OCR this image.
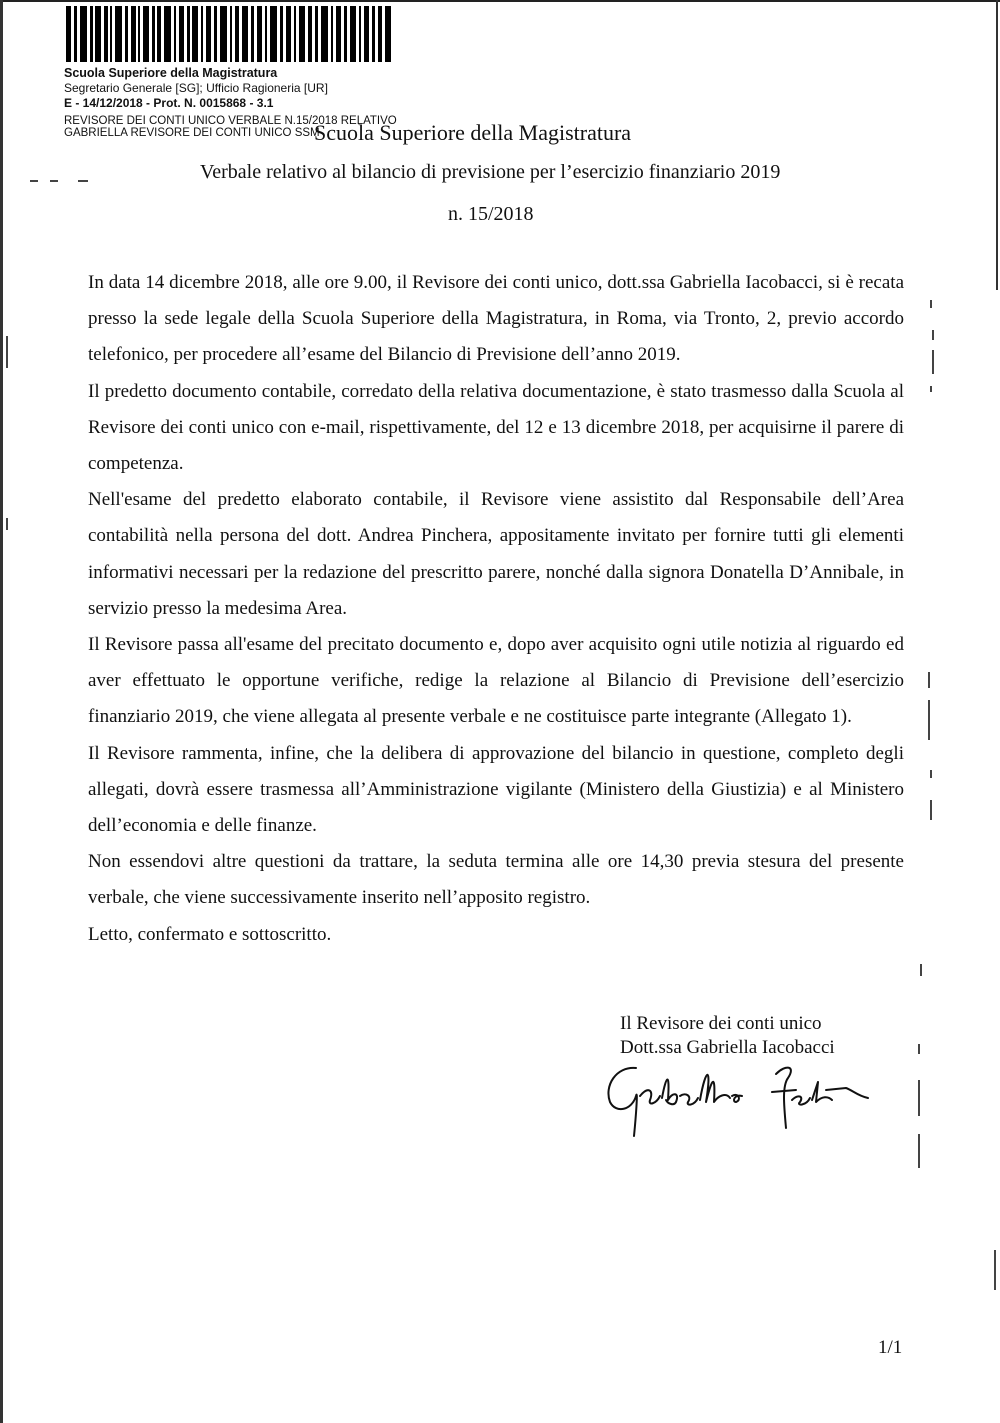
Scuola Superiore della Magistratura
Segretario Generale [SG]; Ufficio Ragioneria [UR]
E - 14/12/2018 - Prot. N. 0015868 - 3.1
REVISORE DEI CONTI UNICO VERBALE N.15/2018 RELATIVO
GABRIELLA REVISORE DEI CONTI UNICO SSM
Scuola Superiore della Magistratura
Verbale relativo al bilancio di previsione per l’esercizio finanziario 2019
n. 15/2018

In data 14 dicembre 2018, alle ore 9.00, il Revisore dei conti unico, dott.ssa Gabriella Iacobacci, si è recata presso la sede legale della Scuola Superiore della Magistratura, in Roma, via Tronto, 2, previo accordo telefonico, per procedere all’esame del Bilancio di Previsione dell’anno 2019.

Il predetto documento contabile, corredato della relativa documentazione, è stato trasmesso dalla Scuola al Revisore dei conti unico con e-mail, rispettivamente, del 12 e 13 dicembre 2018, per acquisirne il parere di competenza.

Nell'esame del predetto elaborato contabile, il Revisore viene assistito dal Responsabile dell’Area contabilità nella persona del dott. Andrea Pinchera, appositamente invitato per fornire tutti gli elementi informativi necessari per la redazione del prescritto parere, nonché dalla signora Donatella D’Annibale, in servizio presso la medesima Area.

Il Revisore passa all'esame del precitato documento e, dopo aver acquisito ogni utile notizia al riguardo ed aver effettuato le opportune verifiche, redige la relazione al Bilancio di Previsione dell’esercizio finanziario 2019, che viene allegata al presente verbale e ne costituisce parte integrante (Allegato 1).

Il Revisore rammenta, infine, che la delibera di approvazione del bilancio in questione, completo degli allegati, dovrà essere trasmessa all’Amministrazione vigilante (Ministero della Giustizia) e al Ministero dell’economia e delle finanze.

Non essendovi altre questioni da trattare, la seduta termina alle ore 14,30 previa stesura del presente verbale, che viene successivamente inserito nell’apposito registro.

Letto, confermato e sottoscritto.

Il Revisore dei conti unico
Dott.ssa Gabriella Iacobacci
1/1
